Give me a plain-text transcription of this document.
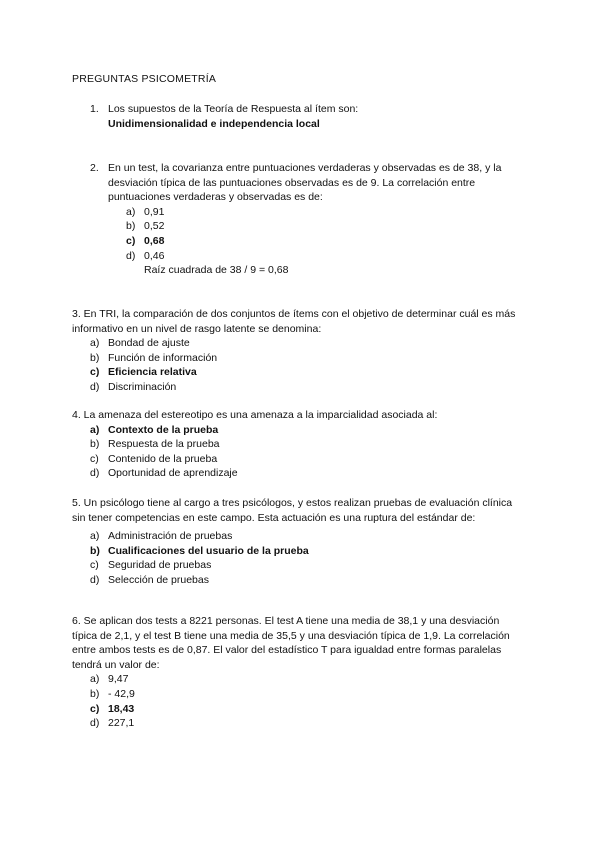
PREGUNTAS PSICOMETRÍA
1. Los supuestos de la Teoría de Respuesta al ítem son:
Unidimensionalidad e independencia local
2. En un test, la covarianza entre puntuaciones verdaderas y observadas es de 38, y la desviación típica de las puntuaciones observadas es de 9. La correlación entre puntuaciones verdaderas y observadas es de:
a) 0,91
b) 0,52
c) 0,68
d) 0,46
Raíz cuadrada de 38 / 9 = 0,68

3. En TRI, la comparación de dos conjuntos de ítems con el objetivo de determinar cuál es más informativo en un nivel de rasgo latente se denomina:

a) Bondad de ajuste
b) Función de información
c) Eficiencia relativa
d) Discriminación

4. La amenaza del estereotipo es una amenaza a la imparcialidad asociada al:

a) Contexto de la prueba
b) Respuesta de la prueba
c) Contenido de la prueba
d) Oportunidad de aprendizaje

5. Un psicólogo tiene al cargo a tres psicólogos, y estos realizan pruebas de evaluación clínica sin tener competencias en este campo. Esta actuación es una ruptura del estándar de:

a) Administración de pruebas
b) Cualificaciones del usuario de la prueba
c) Seguridad de pruebas
d) Selección de pruebas

6. Se aplican dos tests a 8221 personas. El test A tiene una media de 38,1 y una desviación típica de 2,1, y el test B tiene una media de 35,5 y una desviación típica de 1,9. La correlación entre ambos tests es de 0,87. El valor del estadístico T para igualdad entre formas paralelas tendrá un valor de:

a) 9,47
b) - 42,9
c) 18,43
d) 227,1
